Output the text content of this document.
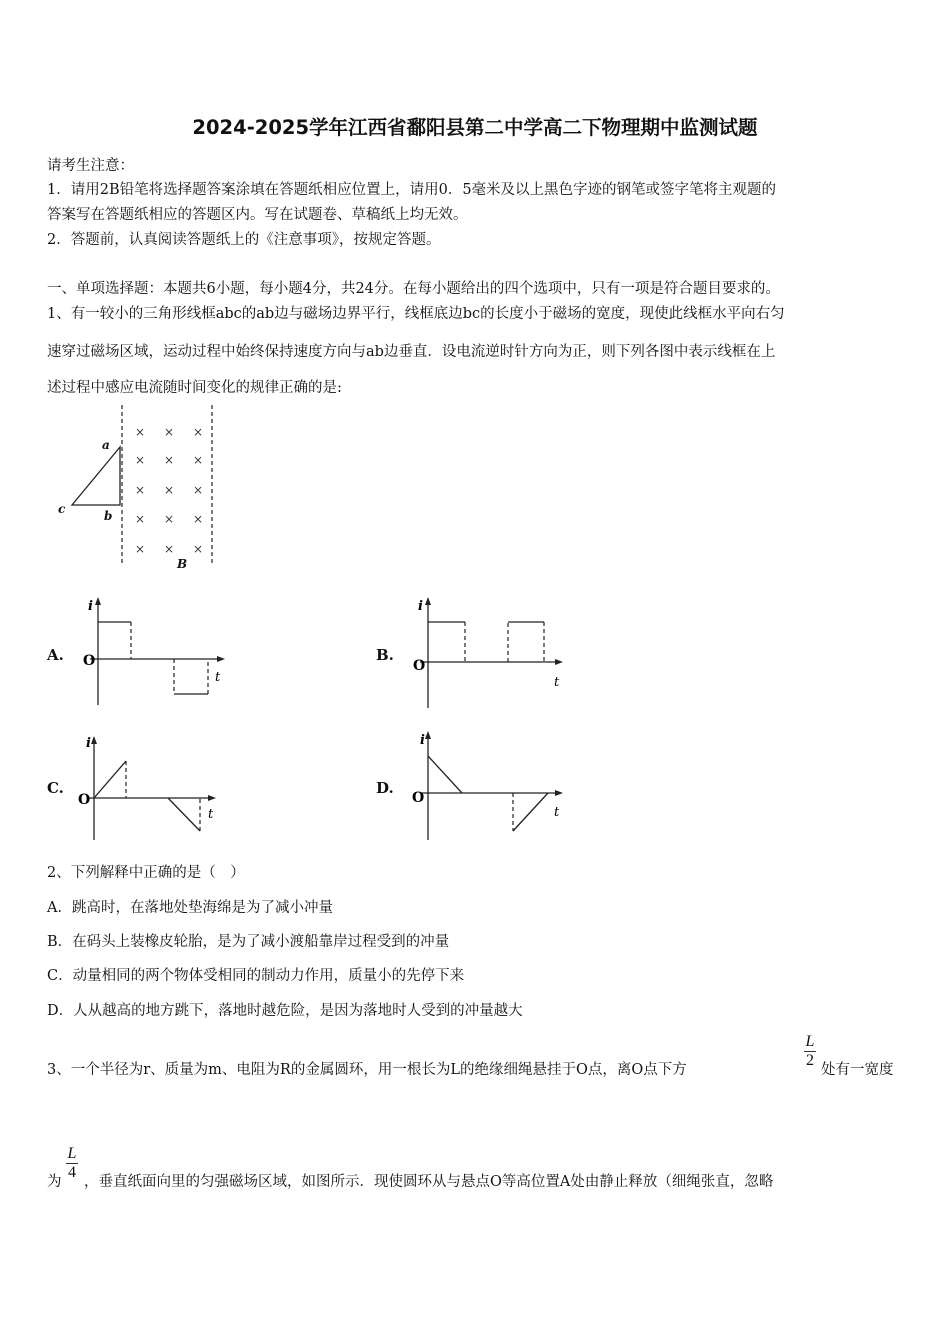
2024-2025学年江西省鄱阳县第二中学高二下物理期中监测试题
请考生注意：
1．请用2B铅笔将选择题答案涂填在答题纸相应位置上，请用0．5毫米及以上黑色字迹的钢笔或签字笔将主观题的
答案写在答题纸相应的答题区内。写在试题卷、草稿纸上均无效。
2．答题前，认真阅读答题纸上的《注意事项》，按规定答题。
一、单项选择题：本题共6小题，每小题4分，共24分。在每小题给出的四个选项中，只有一项是符合题目要求的。
1、有一较小的三角形线框abc的ab边与磁场边界平行，线框底边bc的长度小于磁场的宽度，现使此线框水平向右匀
速穿过磁场区域，运动过程中始终保持速度方向与ab边垂直．设电流逆时针方向为正，则下列各图中表示线框在上
述过程中感应电流随时间变化的规律正确的是:
× × ×
× × ×
× × ×
× × ×
× × ×
a
b
c
B
A.	B.
C.	D.
i
O
t
i
O
t
i
O
t
i
O
t
2、下列解释中正确的是（　）
A．跳高时，在落地处垫海绵是为了减小冲量
B．在码头上装橡皮轮胎，是为了减小渡船靠岸过程受到的冲量
C．动量相同的两个物体受相同的制动力作用，质量小的先停下来
D．人从越高的地方跳下，落地时越危险，是因为落地时人受到的冲量越大
3、一个半径为r、质量为m、电阻为R的金属圆环，用一根长为L的绝缘细绳悬挂于O点，离O点下方
L
2
处有一宽度
为
L
4
，垂直纸面向里的匀强磁场区域，如图所示．现使圆环从与悬点O等高位置A处由静止释放（细绳张直，忽略
